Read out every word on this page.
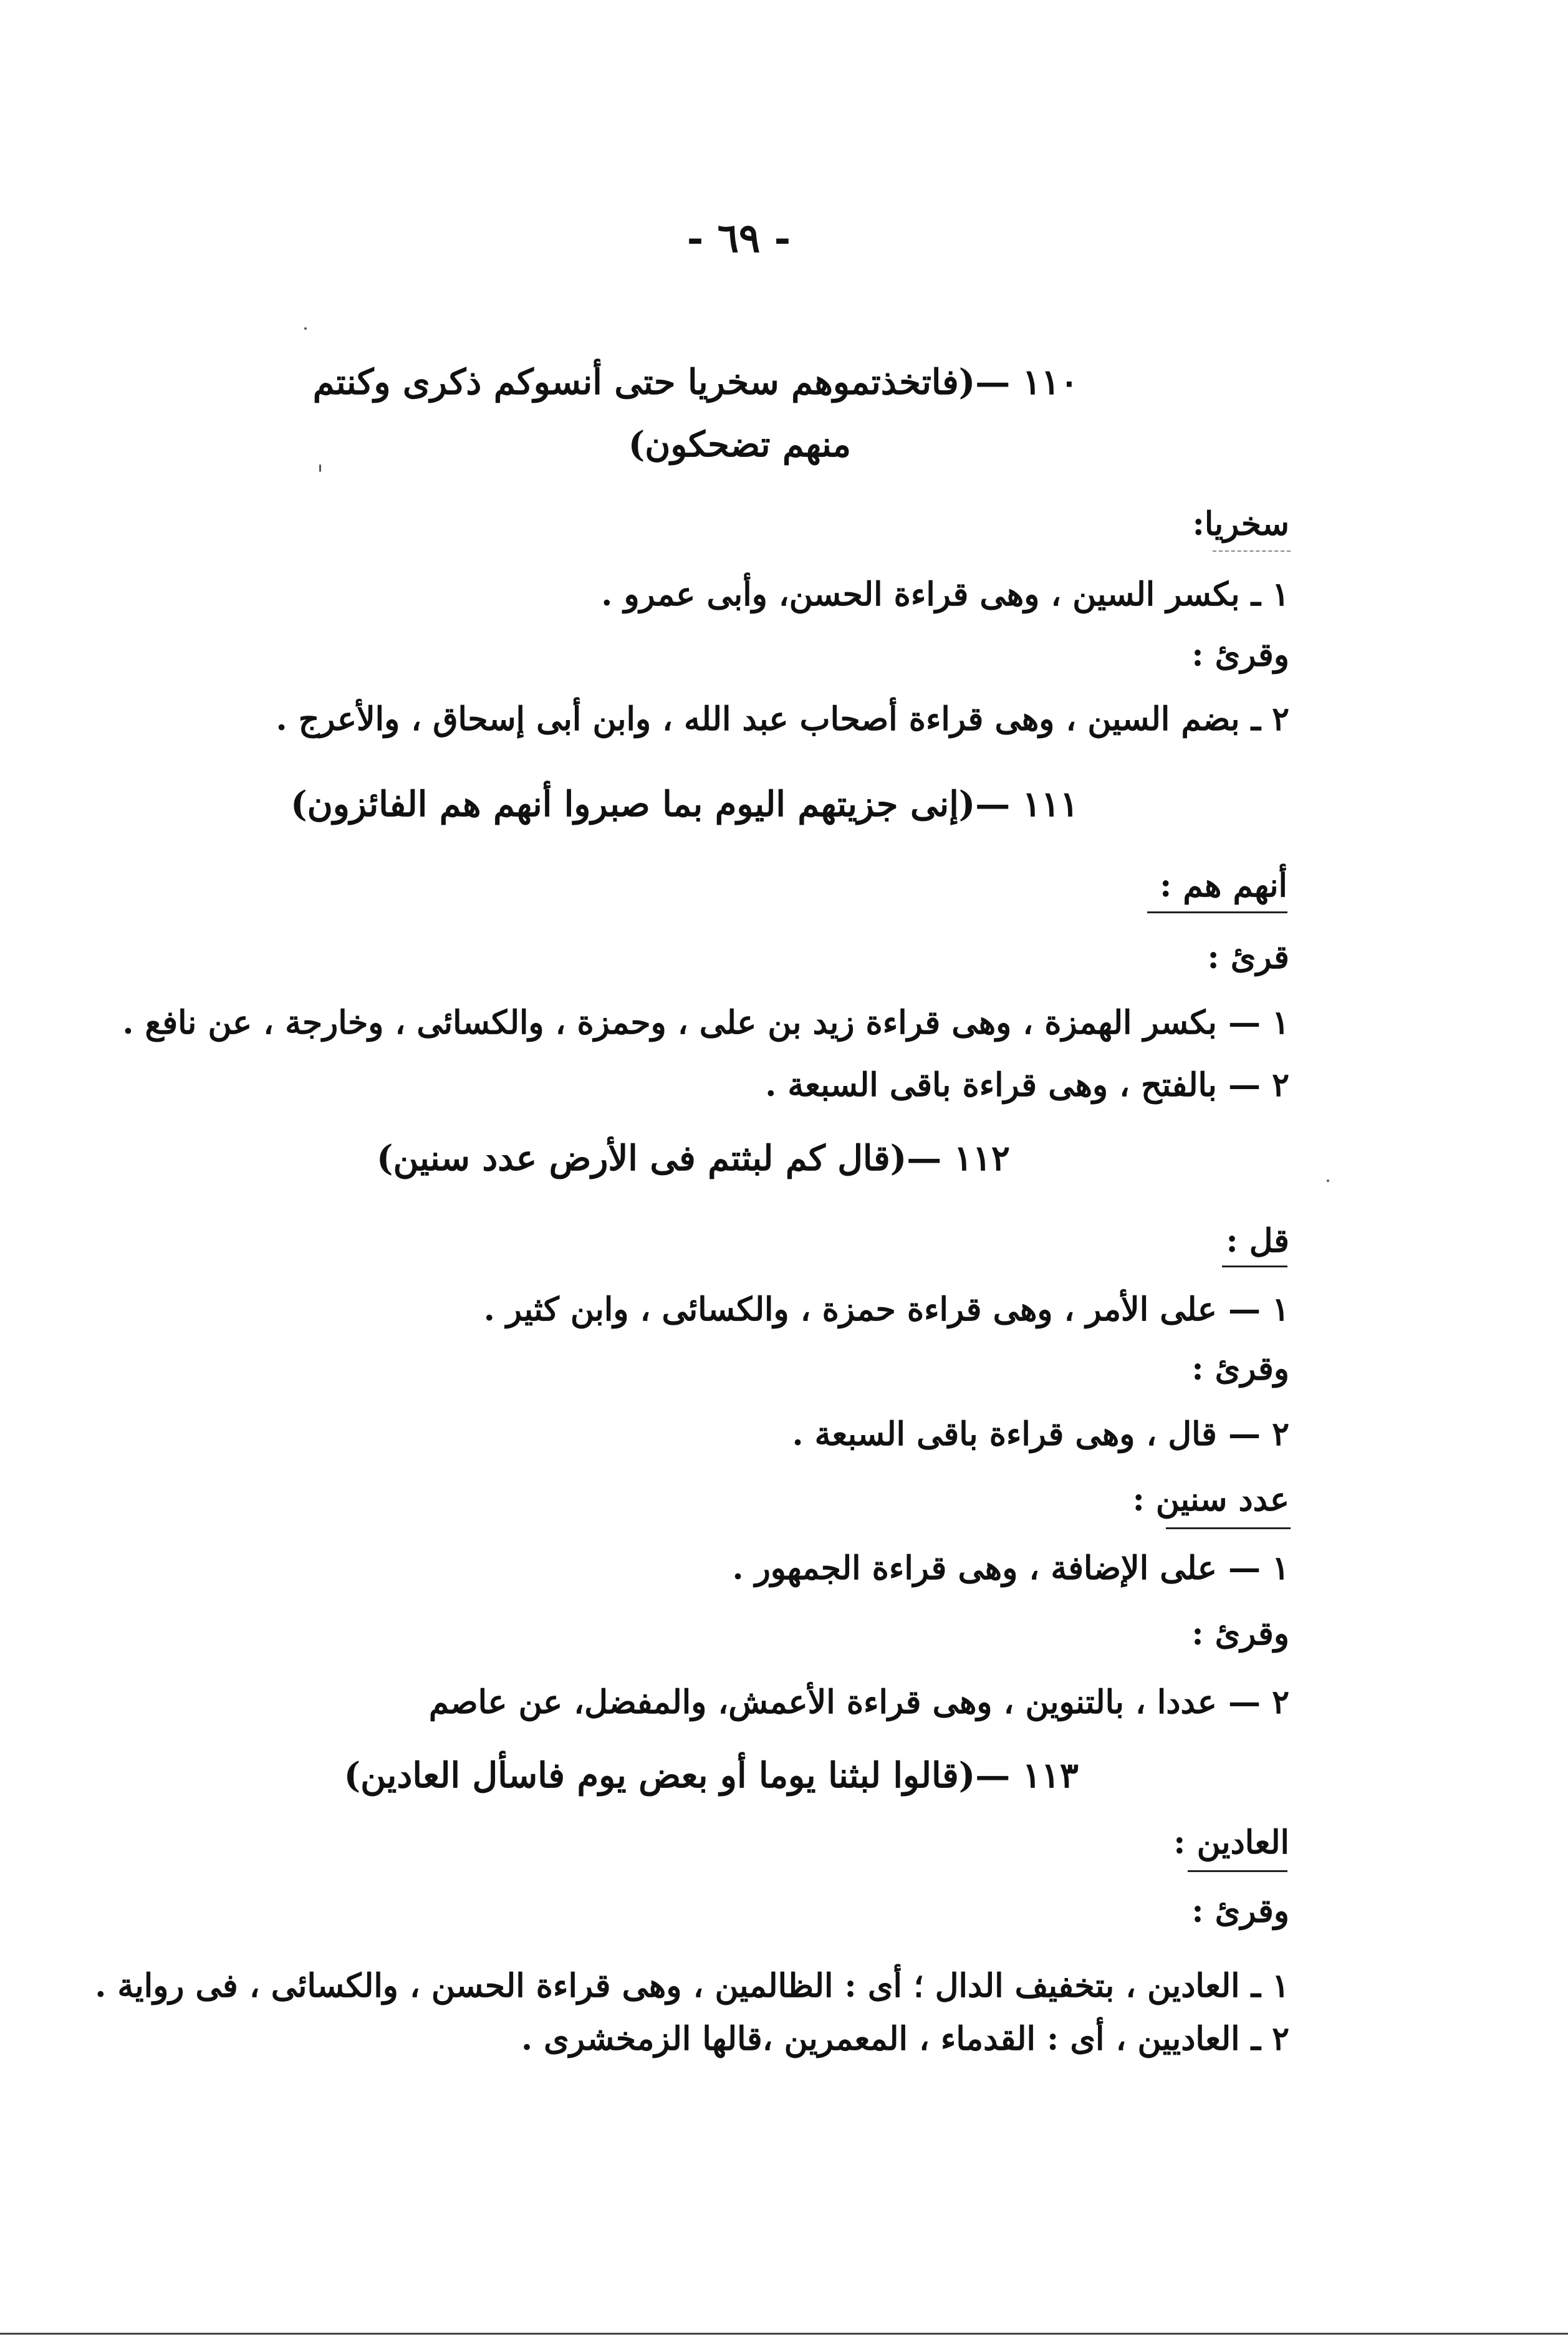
- ٦٩ -
١١٠ —(فاتخذتموهم سخريا حتى أنسوكم ذكرى وكنتم
منهم تضحكون)
سخريا:
١ ـ بكسر السين ، وهى قراءة الحسن، وأبى عمرو .
وقرئ :
٢ ـ بضم السين ، وهى قراءة أصحاب عبد الله ، وابن أبى إسحاق ، والأعرج .
١١١ —(إنى جزيتهم اليوم بما صبروا أنهم هم الفائزون)
أنهم هم :
قرئ :
١ — بكسر الهمزة ، وهى قراءة زيد بن على ، وحمزة ، والكسائى ، وخارجة ، عن نافع .
٢ — بالفتح ، وهى قراءة باقى السبعة .
١١٢ —(قال كم لبثتم فى الأرض عدد سنين)
قل :
١ — على الأمر ، وهى قراءة حمزة ، والكسائى ، وابن كثير .
وقرئ :
٢ — قال ، وهى قراءة باقى السبعة .
عدد سنين :
١ — على الإضافة ، وهى قراءة الجمهور .
وقرئ :
٢ — عددا ، بالتنوين ، وهى قراءة الأعمش، والمفضل، عن عاصم
١١٣ —(قالوا لبثنا يوما أو بعض يوم فاسأل العادين)
العادين :
وقرئ :
١ ـ العادين ، بتخفيف الدال ؛ أى : الظالمين ، وهى قراءة الحسن ، والكسائى ، فى رواية .
٢ ـ العاديين ، أى : القدماء ، المعمرين ،قالها الزمخشرى .
